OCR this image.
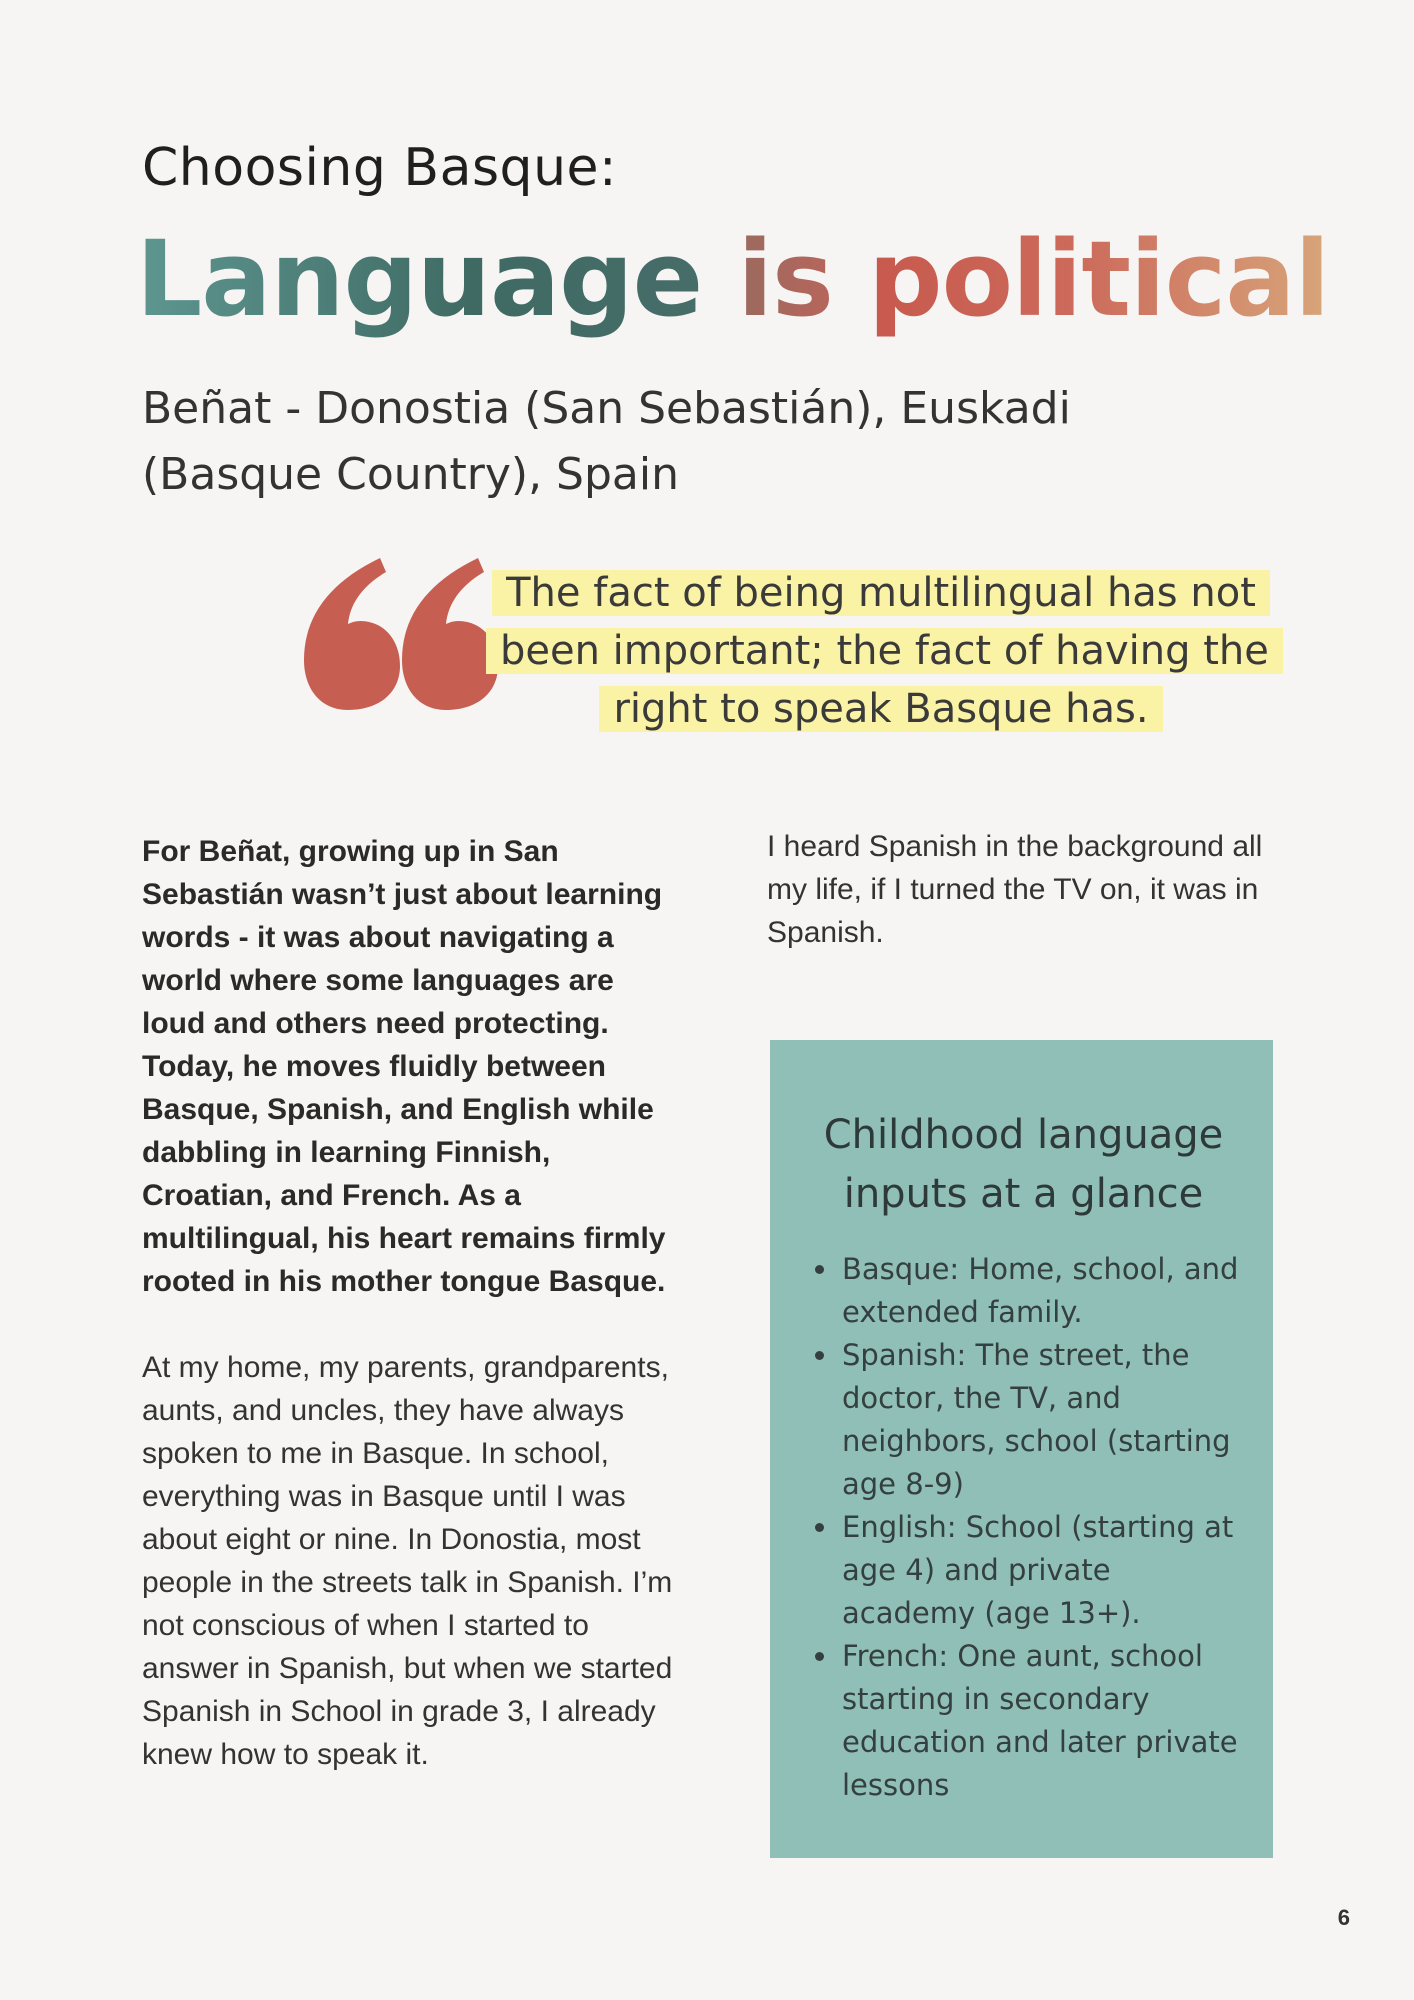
Choosing Basque:
Language is political
Beñat - Donostia (San Sebastián), Euskadi (Basque Country), Spain
The fact of being multilingual has not been important; the fact of having the right to speak Basque has.

For Beñat, growing up in San Sebastián wasn’t just about learning words - it was about navigating a world where some languages are loud and others need protecting. Today, he moves fluidly between Basque, Spanish, and English while dabbling in learning Finnish, Croatian, and French. As a multilingual, his heart remains firmly rooted in his mother tongue Basque.

At my home, my parents, grandparents, aunts, and uncles, they have always spoken to me in Basque. In school, everything was in Basque until I was about eight or nine. In Donostia, most people in the streets talk in Spanish. I’m not conscious of when I started to answer in Spanish, but when we started Spanish in School in grade 3, I already knew how to speak it.

I heard Spanish in the background all my life, if I turned the TV on, it was in Spanish.

Childhood language inputs at a glance
• Basque: Home, school, and extended family.
• Spanish: The street, the doctor, the TV, and neighbors, school (starting age 8-9)
• English: School (starting at age 4) and private academy (age 13+).
• French: One aunt, school starting in secondary education and later private lessons
6
